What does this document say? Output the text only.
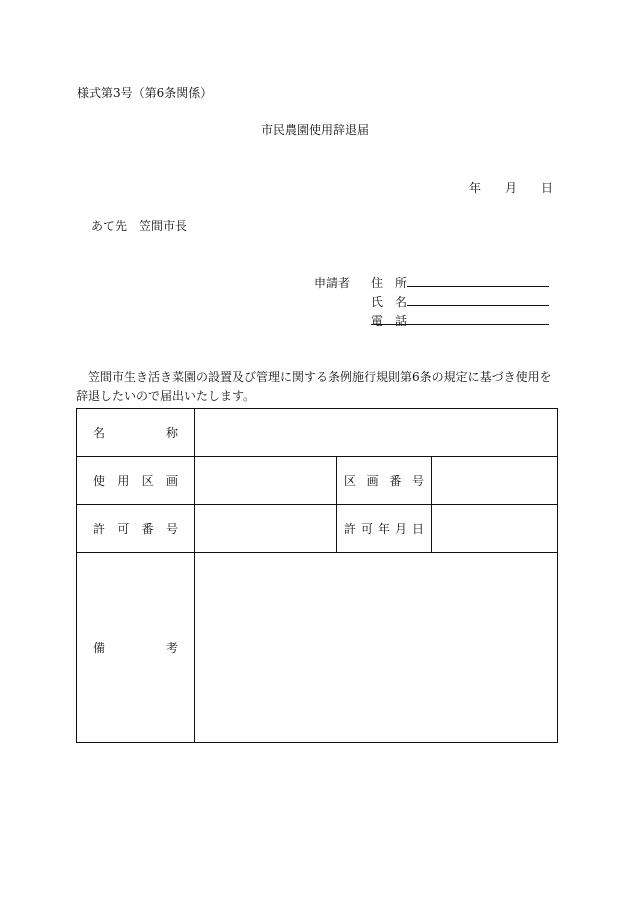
様式第3号（第6条関係）
市民農園使用辞退届
年 月 日
あて先 笠間市長
申請者 住 所
氏 名
電 話
笠間市生き活き菜園の設置及び管理に関する条例施行規則第6条の規定に基づき使用を辞退したいので届出いたします。
名 称			

使 用 区 画		区 画 番 号	

許 可 番 号		許 可 年 月 日	

備 考			
